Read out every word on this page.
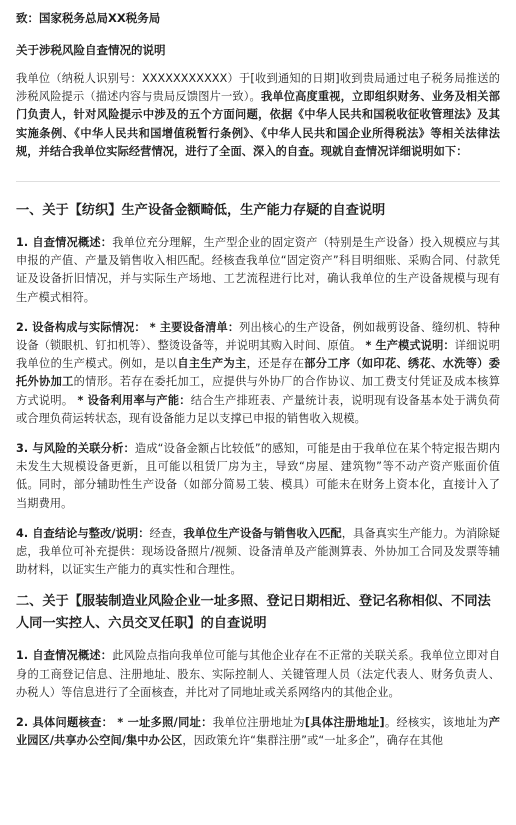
致：国家税务总局XX税务局
关于涉税风险自查情况的说明
我单位（纳税人识别号：XXXXXXXXXXX）于[收到通知的日期]收到贵局通过电子税务局推送的涉税风险提示（描述内容与贵局反馈图片一致）。我单位高度重视，立即组织财务、业务及相关部门负责人，针对风险提示中涉及的五个方面问题，依据《中华人民共和国税收征收管理法》及其实施条例、《中华人民共和国增值税暂行条例》、《中华人民共和国企业所得税法》等相关法律法规，并结合我单位实际经营情况，进行了全面、深入的自查。现就自查情况详细说明如下：
一、关于【纺织】生产设备金额畸低，生产能力存疑的自查说明
1. 自查情况概述：我单位充分理解，生产型企业的固定资产（特别是生产设备）投入规模应与其申报的产值、产量及销售收入相匹配。经核查我单位“固定资产”科目明细账、采购合同、付款凭证及设备折旧情况，并与实际生产场地、工艺流程进行比对，确认我单位的生产设备规模与现有生产模式相符。
2. 设备构成与实际情况： * 主要设备清单：列出核心的生产设备，例如裁剪设备、缝纫机、特种设备（锁眼机、钉扣机等）、整烫设备等，并说明其购入时间、原值。 * 生产模式说明：详细说明我单位的生产模式。例如，是以自主生产为主，还是存在部分工序（如印花、绣花、水洗等）委托外协加工的情形。若存在委托加工，应提供与外协厂的合作协议、加工费支付凭证及成本核算方式说明。 * 设备利用率与产能：结合生产排班表、产量统计表，说明现有设备基本处于满负荷或合理负荷运转状态，现有设备能力足以支撑已申报的销售收入规模。
3. 与风险的关联分析：造成“设备金额占比较低”的感知，可能是由于我单位在某个特定报告期内未发生大规模设备更新，且可能以租赁厂房为主，导致“房屋、建筑物”等不动产资产账面价值低。同时，部分辅助性生产设备（如部分简易工装、模具）可能未在财务上资本化，直接计入了当期费用。
4. 自查结论与整改/说明：经查，我单位生产设备与销售收入匹配，具备真实生产能力。为消除疑虑，我单位可补充提供：现场设备照片/视频、设备清单及产能测算表、外协加工合同及发票等辅助材料，以证实生产能力的真实性和合理性。
二、关于【服装制造业风险企业一址多照、登记日期相近、登记名称相似、不同法人同一实控人、六员交叉任职】的自查说明
1. 自查情况概述：此风险点指向我单位可能与其他企业存在不正常的关联关系。我单位立即对自身的工商登记信息、注册地址、股东、实际控制人、关键管理人员（法定代表人、财务负责人、办税人）等信息进行了全面核查，并比对了同地址或关系网络内的其他企业。
2. 具体问题核查： * 一址多照/同址：我单位注册地址为[具体注册地址]。经核实，该地址为产业园区/共享办公空间/集中办公区，因政策允许“集群注册”或“一址多企”，确存在其他
